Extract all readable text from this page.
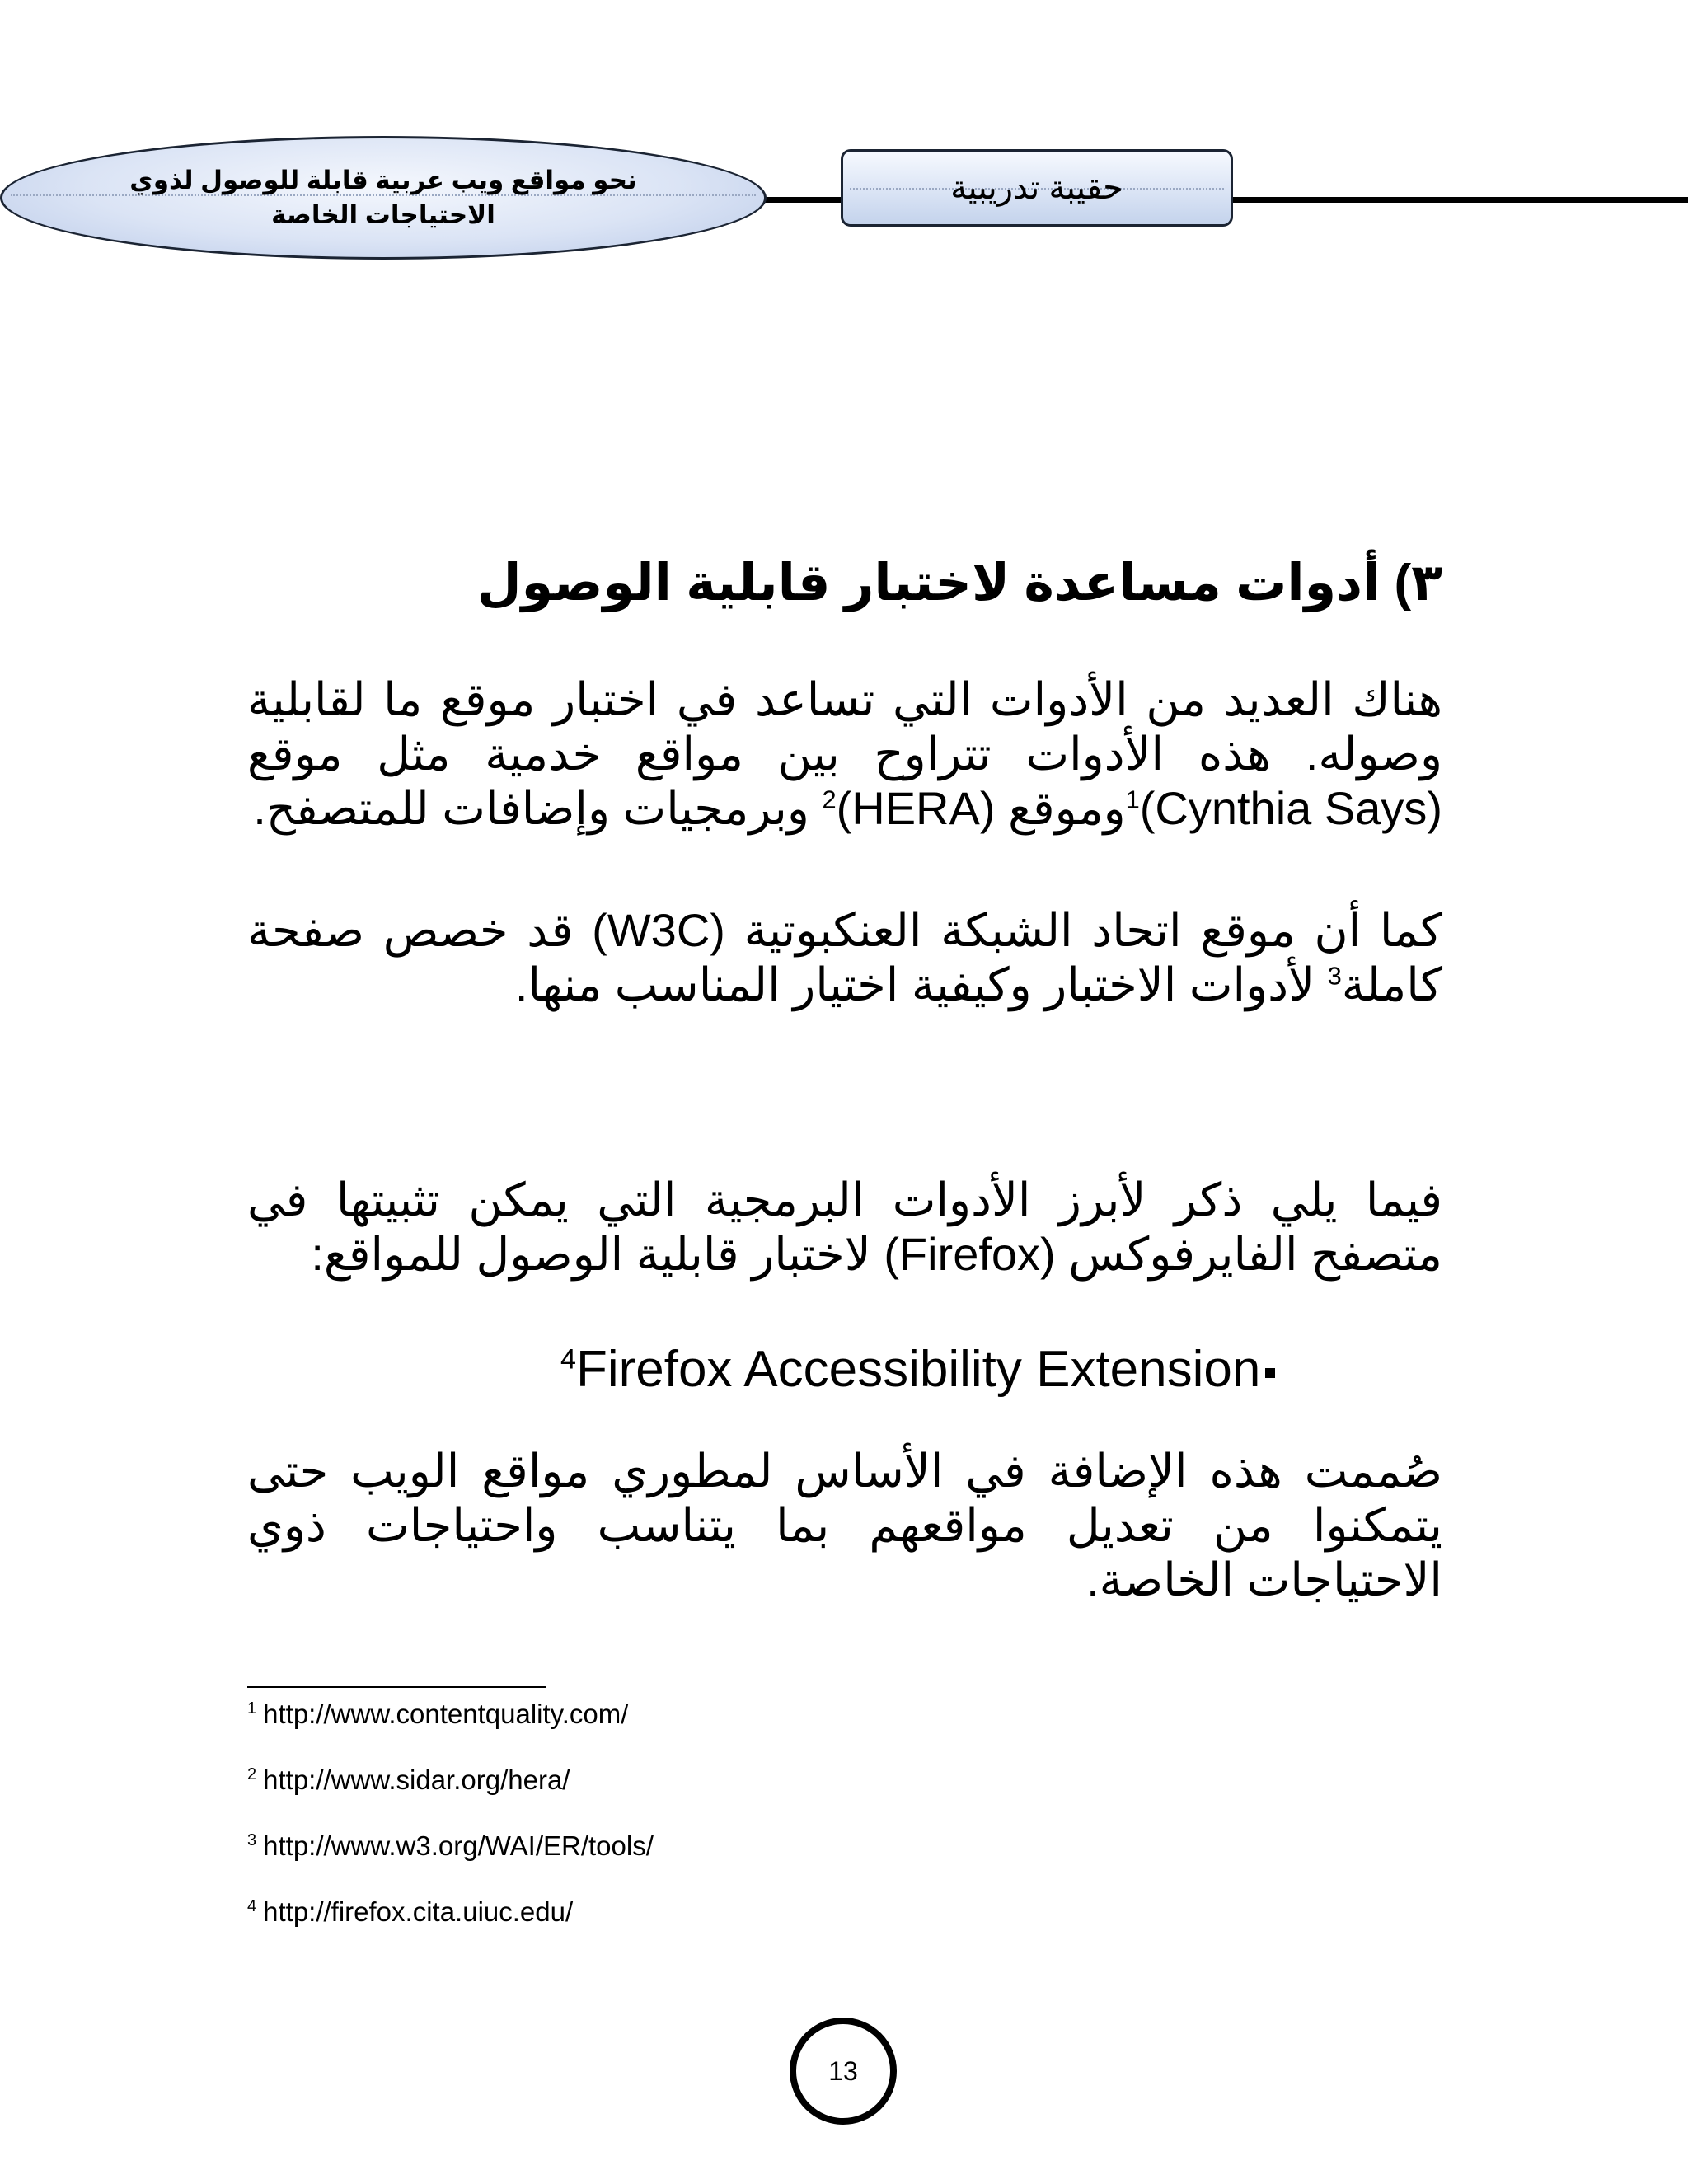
نحو مواقع ويب عربية قابلة للوصول لذوي
الاحتياجات الخاصة
حقيبة تدريبية
٣) أدوات مساعدة لاختبار قابلية الوصول
هناك العديد من الأدوات التي تساعد في اختبار موقع ما لقابلية وصوله. هذه الأدوات تتراوح بين مواقع خدمية مثل موقع (Cynthia Says)$^1$وموقع (HERA)$^2$ وبرمجيات وإضافات للمتصفح.
كما أن موقع اتحاد الشبكة العنكبوتية (W3C) قد خصص صفحة كاملة$^3$ لأدوات الاختبار وكيفية اختيار المناسب منها.
فيما يلي ذكر لأبرز الأدوات البرمجية التي يمكن تثبيتها في متصفح الفايرفوكس (Firefox) لاختبار قابلية الوصول للمواقع:
$^4$Firefox Accessibility Extension
صُممت هذه الإضافة في الأساس لمطوري مواقع الويب حتى يتمكنوا من تعديل مواقعهم بما يتناسب واحتياجات ذوي الاحتياجات الخاصة.
$^1$ http://www.contentquality.com/
$^2$ http://www.sidar.org/hera/
$^3$ http://www.w3.org/WAI/ER/tools/
$^4$ http://firefox.cita.uiuc.edu/
13
